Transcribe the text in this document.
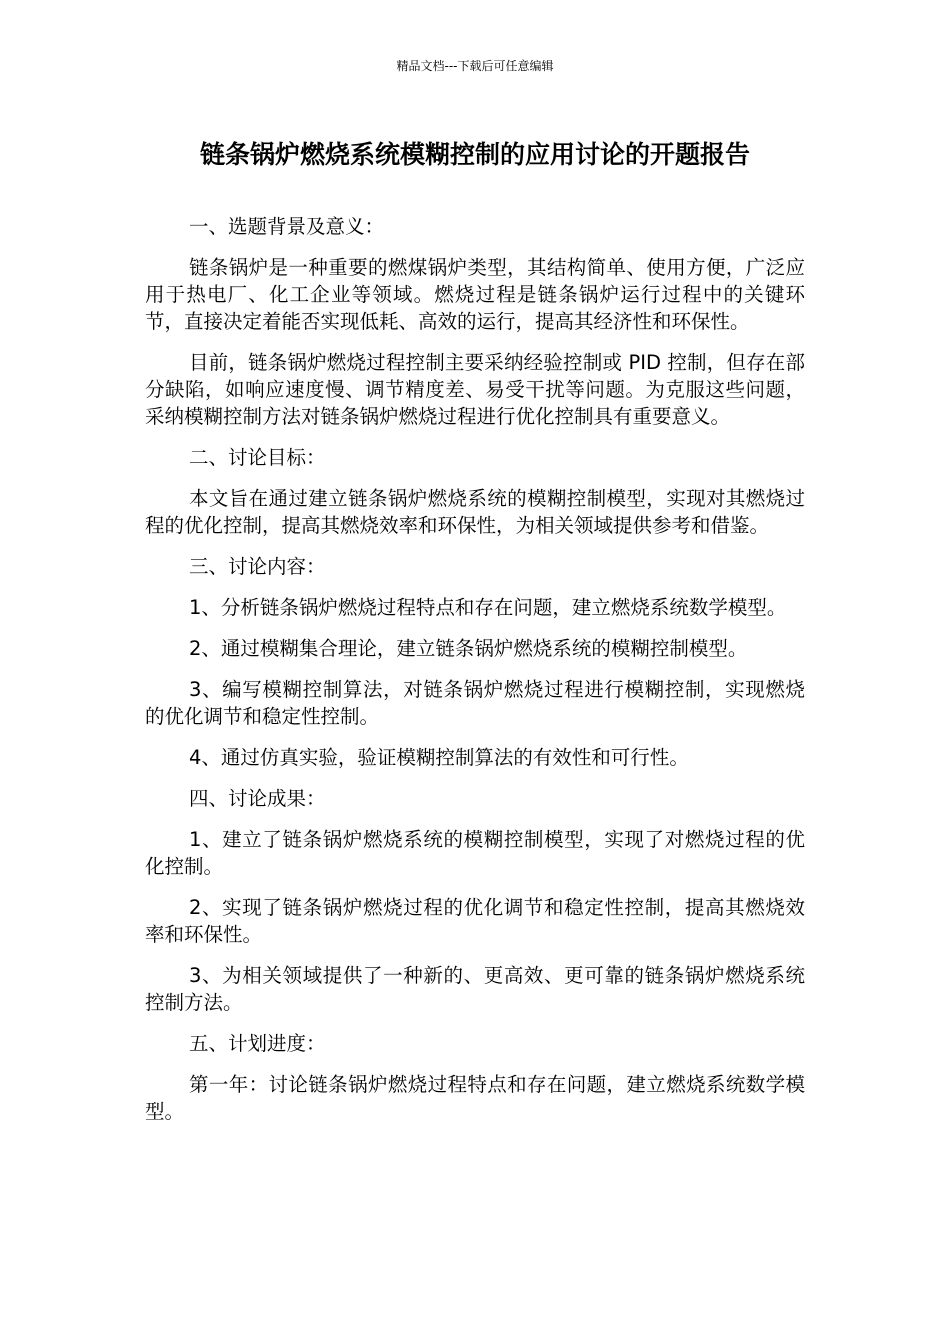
精品文档---下载后可任意编辑
链条锅炉燃烧系统模糊控制的应用讨论的开题报告

一、选题背景及意义：

链条锅炉是一种重要的燃煤锅炉类型，其结构简单、使用方便，广泛应用于热电厂、化工企业等领域。燃烧过程是链条锅炉运行过程中的关键环节，直接决定着能否实现低耗、高效的运行，提高其经济性和环保性。

目前，链条锅炉燃烧过程控制主要采纳经验控制或 PID 控制，但存在部分缺陷，如响应速度慢、调节精度差、易受干扰等问题。为克服这些问题，采纳模糊控制方法对链条锅炉燃烧过程进行优化控制具有重要意义。

二、讨论目标：

本文旨在通过建立链条锅炉燃烧系统的模糊控制模型，实现对其燃烧过程的优化控制，提高其燃烧效率和环保性，为相关领域提供参考和借鉴。

三、讨论内容：

1、分析链条锅炉燃烧过程特点和存在问题，建立燃烧系统数学模型。

2、通过模糊集合理论，建立链条锅炉燃烧系统的模糊控制模型。

3、编写模糊控制算法，对链条锅炉燃烧过程进行模糊控制，实现燃烧的优化调节和稳定性控制。

4、通过仿真实验，验证模糊控制算法的有效性和可行性。

四、讨论成果：

1、建立了链条锅炉燃烧系统的模糊控制模型，实现了对燃烧过程的优化控制。

2、实现了链条锅炉燃烧过程的优化调节和稳定性控制，提高其燃烧效率和环保性。

3、为相关领域提供了一种新的、更高效、更可靠的链条锅炉燃烧系统控制方法。

五、计划进度：

第一年：讨论链条锅炉燃烧过程特点和存在问题，建立燃烧系统数学模型。
